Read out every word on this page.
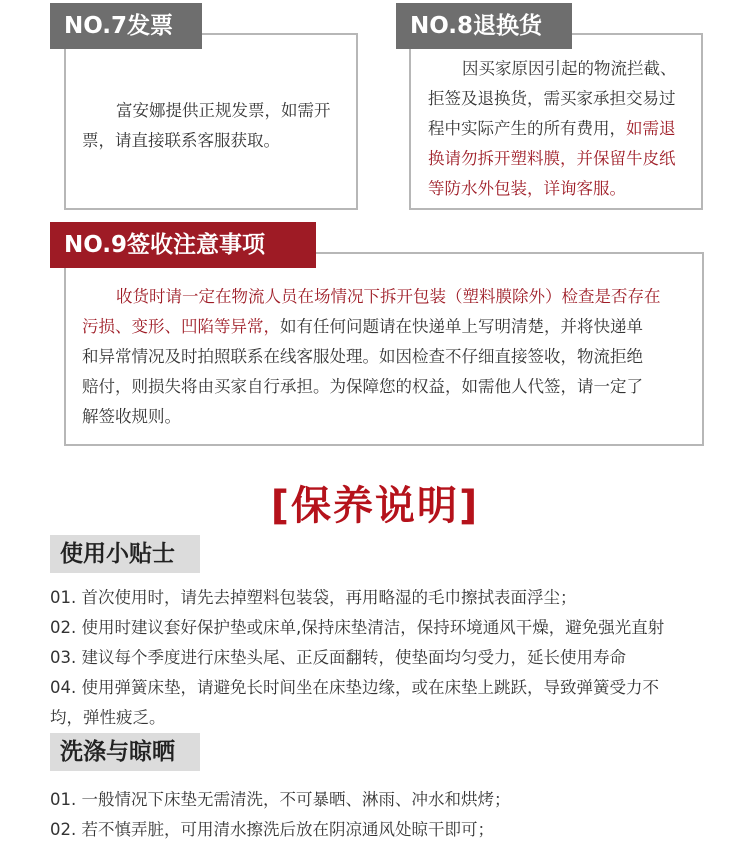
NO.7发票

富安娜提供正规发票，如需开
票，请直接联系客服获取。

NO.8退换货

因买家原因引起的物流拦截、
拒签及退换货，需买家承担交易过
程中实际产生的所有费用，如需退
换请勿拆开塑料膜，并保留牛皮纸
等防水外包装，详询客服。

NO.9签收注意事项

收货时请一定在物流人员在场情况下拆开包装（塑料膜除外）检查是否存在
污损、变形、凹陷等异常，如有任何问题请在快递单上写明清楚，并将快递单
和异常情况及时拍照联系在线客服处理。如因检查不仔细直接签收，物流拒绝
赔付，则损失将由买家自行承担。为保障您的权益，如需他人代签，请一定了
解签收规则。

[保养说明]
使用小贴士
01. 首次使用时，请先去掉塑料包装袋，再用略湿的毛巾擦拭表面浮尘；
02. 使用时建议套好保护垫或床单,保持床垫清洁，保持环境通风干燥，避免强光直射
03. 建议每个季度进行床垫头尾、正反面翻转，使垫面均匀受力，延长使用寿命
04. 使用弹簧床垫，请避免长时间坐在床垫边缘，或在床垫上跳跃，导致弹簧受力不
均，弹性疲乏。
洗涤与晾晒
01. 一般情况下床垫无需清洗，不可暴晒、淋雨、冲水和烘烤；
02. 若不慎弄脏，可用清水擦洗后放在阴凉通风处晾干即可；
